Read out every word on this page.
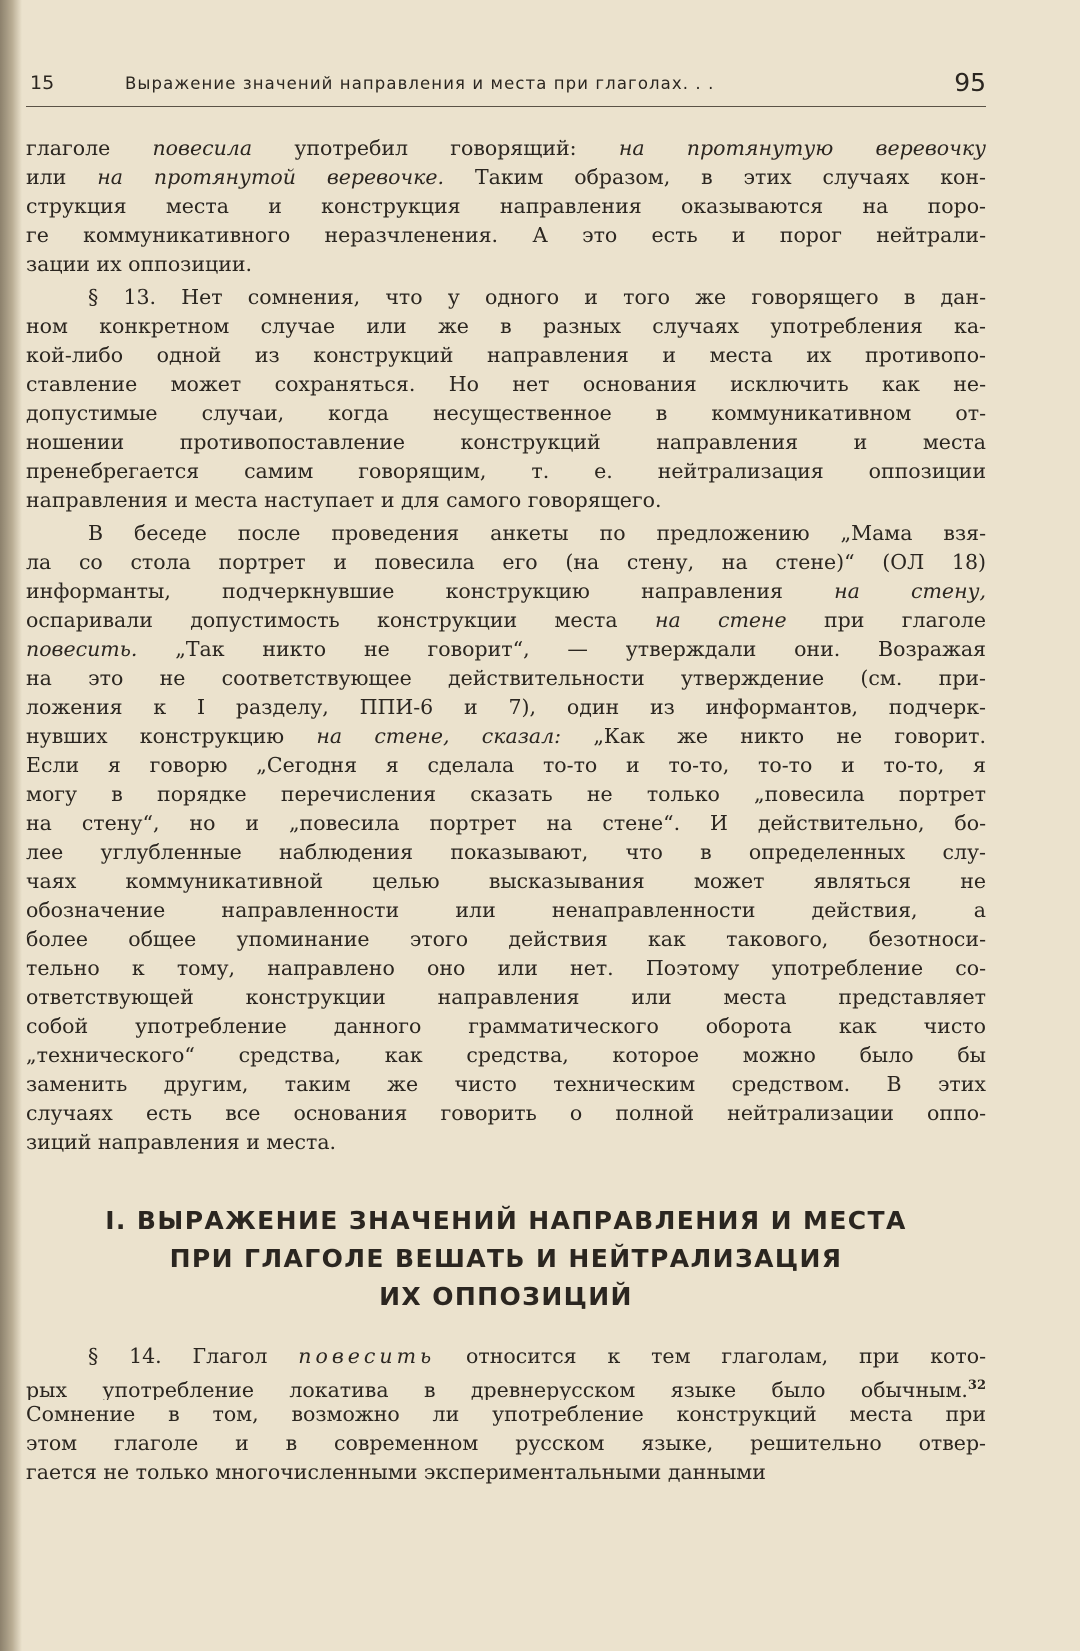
15	Выражение значений направления и места при глаголах. . .	95
глаголе повесила употребил говорящий: на протянутую веревочку
или на протянутой веревочке. Таким образом, в этих случаях кон-
струкция места и конструкция направления оказываются на поро-
ге коммуникативного неразчленения. А это есть и порог нейтрали-
зации их оппозиции.
§ 13. Нет сомнения, что у одного и того же говорящего в дан-
ном конкретном случае или же в разных случаях употребления ка-
кой-либо одной из конструкций направления и места их противопо-
ставление может сохраняться. Но нет основания исключить как не-
допустимые случаи, когда несущественное в коммуникативном от-
ношении противопоставление конструкций направления и места
пренебрегается самим говорящим, т. е. нейтрализация оппозиции
направления и места наступает и для самого говорящего.
В беседе после проведения анкеты по предложению „Мама взя-
ла со стола портрет и повесила его (на стену, на стене)“ (ОЛ 18)
информанты, подчеркнувшие конструкцию направления на стену,
оспаривали допустимость конструкции места на стене при глаголе
повесить. „Так никто не говорит“, — утверждали они. Возражая
на это не соответствующее действительности утверждение (см. при-
ложения к I разделу, ППИ-6 и 7), один из информантов, подчерк-
нувших конструкцию на стене, сказал: „Как же никто не говорит.
Если я говорю „Сегодня я сделала то-то и то-то, то-то и то-то, я
могу в порядке перечисления сказать не только „повесила портрет
на стену“, но и „повесила портрет на стене“. И действительно, бо-
лее углубленные наблюдения показывают, что в определенных слу-
чаях коммуникативной целью высказывания может являться не
обозначение направленности или ненаправленности действия, а
более общее упоминание этого действия как такового, безотноси-
тельно к тому, направлено оно или нет. Поэтому употребление со-
ответствующей конструкции направления или места представляет
собой употребление данного грамматического оборота как чисто
„технического“ средства, как средства, которое можно было бы
заменить другим, таким же чисто техническим средством. В этих
случаях есть все основания говорить о полной нейтрализации оппо-
зиций направления и места.
I. ВЫРАЖЕНИЕ ЗНАЧЕНИЙ НАПРАВЛЕНИЯ И МЕСТА
ПРИ ГЛАГОЛЕ ВЕШАТЬ И НЕЙТРАЛИЗАЦИЯ
ИХ ОППОЗИЦИЙ
§ 14. Глагол повесить относится к тем глаголам, при кото-
рых употребление локатива в древнерусском языке было обычным.$^{32}$
Сомнение в том, возможно ли употребление конструкций места при
этом глаголе и в современном русском языке, решительно отвер-
гается не только многочисленными экспериментальными данными
